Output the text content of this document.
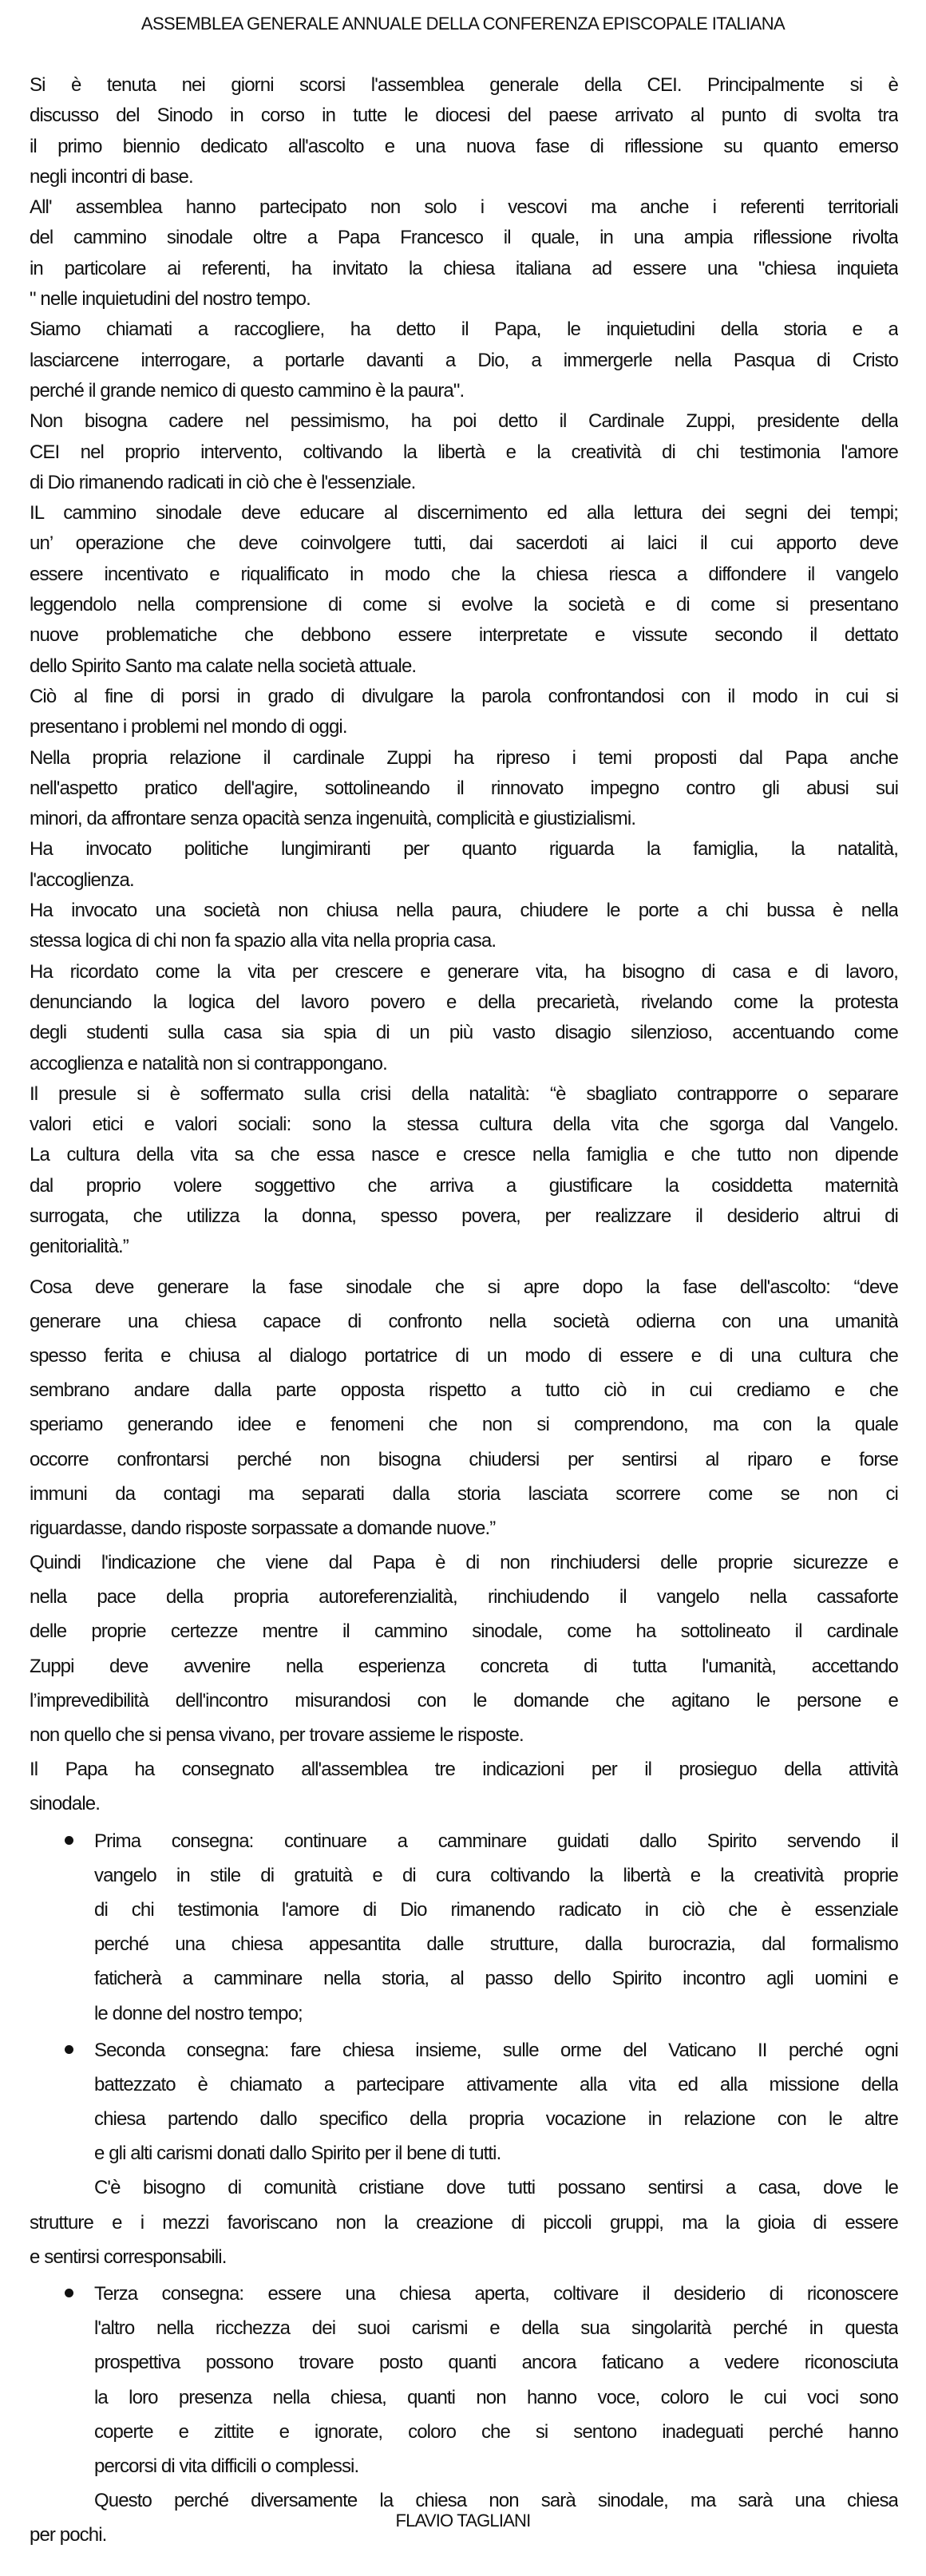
ASSEMBLEA GENERALE ANNUALE DELLA CONFERENZA EPISCOPALE ITALIANA
Si è tenuta nei giorni scorsi l'assemblea generale della CEI. Principalmente si è
discusso del Sinodo in corso in tutte le diocesi del paese arrivato al punto di svolta tra
il primo biennio dedicato all'ascolto e una nuova fase di riflessione su quanto emerso
negli incontri di base.
All' assemblea hanno partecipato non solo i vescovi ma anche i referenti territoriali
del cammino sinodale oltre a Papa Francesco il quale, in una ampia riflessione rivolta
in particolare ai referenti, ha invitato la chiesa italiana ad essere una "chiesa inquieta
" nelle inquietudini del nostro tempo.
Siamo chiamati a raccogliere, ha detto il Papa, le inquietudini della storia e a
lasciarcene interrogare, a portarle davanti a Dio, a immergerle nella Pasqua di Cristo
perché il grande nemico di questo cammino è la paura".
Non bisogna cadere nel pessimismo, ha poi detto il Cardinale Zuppi, presidente della
CEI nel proprio intervento, coltivando la libertà e la creatività di chi testimonia l'amore
di Dio rimanendo radicati in ciò che è l'essenziale.
IL cammino sinodale deve educare al discernimento ed alla lettura dei segni dei tempi;
un’ operazione che deve coinvolgere tutti, dai sacerdoti ai laici il cui apporto deve
essere incentivato e riqualificato in modo che la chiesa riesca a diffondere il vangelo
leggendolo nella comprensione di come si evolve la società e di come si presentano
nuove problematiche che debbono essere interpretate e vissute secondo il dettato
dello Spirito Santo ma calate nella società attuale.
Ciò al fine di porsi in grado di divulgare la parola confrontandosi con il modo in cui si
presentano i problemi nel mondo di oggi.
Nella propria relazione il cardinale Zuppi ha ripreso i temi proposti dal Papa anche
nell'aspetto pratico dell'agire, sottolineando il rinnovato impegno contro gli abusi sui
minori, da affrontare senza opacità senza ingenuità, complicità e giustizialismi.
Ha invocato politiche lungimiranti per quanto riguarda la famiglia, la natalità,
l'accoglienza.
Ha invocato una società non chiusa nella paura, chiudere le porte a chi bussa è nella
stessa logica di chi non fa spazio alla vita nella propria casa.
Ha ricordato come la vita per crescere e generare vita, ha bisogno di casa e di lavoro,
denunciando la logica del lavoro povero e della precarietà, rivelando come la protesta
degli studenti sulla casa sia spia di un più vasto disagio silenzioso, accentuando come
accoglienza e natalità non si contrappongano.
Il presule si è soffermato sulla crisi della natalità: “è sbagliato contrapporre o separare
valori etici e valori sociali: sono la stessa cultura della vita che sgorga dal Vangelo.
La cultura della vita sa che essa nasce e cresce nella famiglia e che tutto non dipende
dal proprio volere soggettivo che arriva a giustificare la cosiddetta maternità
surrogata, che utilizza la donna, spesso povera, per realizzare il desiderio altrui di
genitorialità.”
Cosa deve generare la fase sinodale che si apre dopo la fase dell'ascolto: “deve
generare una chiesa capace di confronto nella società odierna con una umanità
spesso ferita e chiusa al dialogo portatrice di un modo di essere e di una cultura che
sembrano andare dalla parte opposta rispetto a tutto ciò in cui crediamo e che
speriamo generando idee e fenomeni che non si comprendono, ma con la quale
occorre confrontarsi perché non bisogna chiudersi per sentirsi al riparo e forse
immuni da contagi ma separati dalla storia lasciata scorrere come se non ci
riguardasse, dando risposte sorpassate a domande nuove.”
Quindi l'indicazione che viene dal Papa è di non rinchiudersi delle proprie sicurezze e
nella pace della propria autoreferenzialità, rinchiudendo il vangelo nella cassaforte
delle proprie certezze mentre il cammino sinodale, come ha sottolineato il cardinale
Zuppi deve avvenire nella esperienza concreta di tutta l'umanità, accettando
l’imprevedibilità dell'incontro misurandosi con le domande che agitano le persone e
non quello che si pensa vivano, per trovare assieme le risposte.
Il Papa ha consegnato all'assemblea tre indicazioni per il prosieguo della attività
sinodale.
Prima consegna: continuare a camminare guidati dallo Spirito servendo il
vangelo in stile di gratuità e di cura coltivando la libertà e la creatività proprie
di chi testimonia l'amore di Dio rimanendo radicato in ciò che è essenziale
perché una chiesa appesantita dalle strutture, dalla burocrazia, dal formalismo
faticherà a camminare nella storia, al passo dello Spirito incontro agli uomini e
le donne del nostro tempo;
Seconda consegna: fare chiesa insieme, sulle orme del Vaticano II perché ogni
battezzato è chiamato a partecipare attivamente alla vita ed alla missione della
chiesa partendo dallo specifico della propria vocazione in relazione con le altre
e gli alti carismi donati dallo Spirito per il bene di tutti.
C'è bisogno di comunità cristiane dove tutti possano sentirsi a casa, dove le
strutture e i mezzi favoriscano non la creazione di piccoli gruppi, ma la gioia di essere
e sentirsi corresponsabili.
Terza consegna: essere una chiesa aperta, coltivare il desiderio di riconoscere
l'altro nella ricchezza dei suoi carismi e della sua singolarità perché in questa
prospettiva possono trovare posto quanti ancora faticano a vedere riconosciuta
la loro presenza nella chiesa, quanti non hanno voce, coloro le cui voci sono
coperte e zittite e ignorate, coloro che si sentono inadeguati perché hanno
percorsi di vita difficili o complessi.
Questo perché diversamente la chiesa non sarà sinodale, ma sarà una chiesa
per pochi.
FLAVIO TAGLIANI
